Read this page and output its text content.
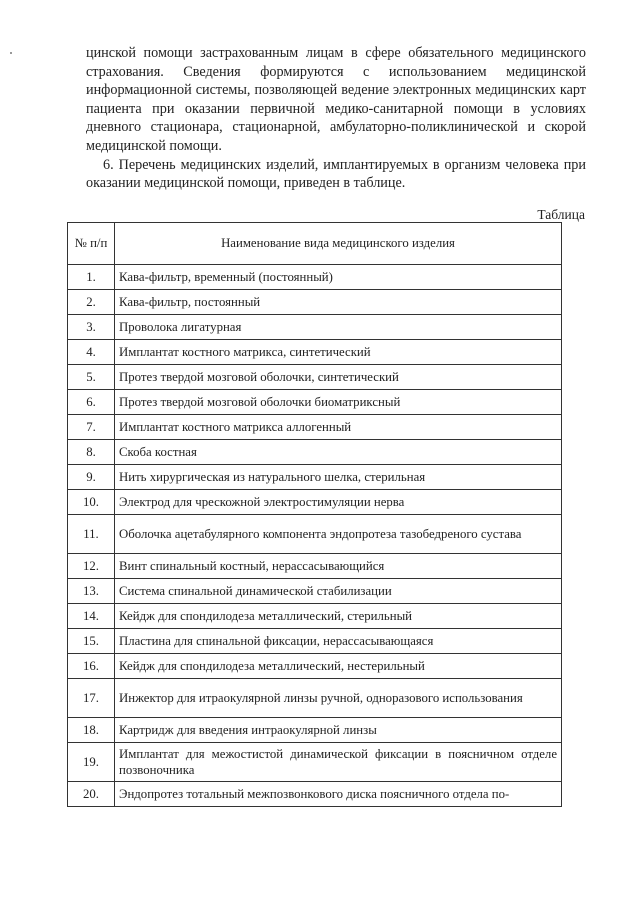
цинской помощи застрахованным лицам в сфере обязательного медицинского страхования. Сведения формируются с использованием медицинской информационной системы, позволяющей ведение электронных медицинских карт пациента при оказании первичной медико-санитарной помощи в условиях дневного стационара, стационарной, амбулаторно-поликлинической и скорой медицинской помощи.

6. Перечень медицинских изделий, имплантируемых в организм человека при оказании медицинской помощи, приведен в таблице.

Таблица

№ п/п	Наименование вида медицинского изделия
1.	Кава-фильтр, временный (постоянный)
2.	Кава-фильтр, постоянный
3.	Проволока лигатурная
4.	Имплантат костного матрикса, синтетический
5.	Протез твердой мозговой оболочки, синтетический
6.	Протез твердой мозговой оболочки биоматриксный
7.	Имплантат костного матрикса аллогенный
8.	Скоба костная
9.	Нить хирургическая из натурального шелка, стерильная
10.	Электрод для чрескожной электростимуляции нерва
11.	Оболочка ацетабулярного компонента эндопротеза тазобедреного сустава
12.	Винт спинальный костный, нерассасывающийся
13.	Система спинальной динамической стабилизации
14.	Кейдж для спондилодеза металлический, стерильный
15.	Пластина для спинальной фиксации, нерассасывающаяся
16.	Кейдж для спондилодеза металлический, нестерильный
17.	Инжектор для итраокулярной линзы ручной, одноразового использования
18.	Картридж для введения интраокулярной линзы
19.	Имплантат для межостистой динамической фиксации в поясничном отделе позвоночника
20.	Эндопротез тотальный межпозвонкового диска поясничного отдела по-
